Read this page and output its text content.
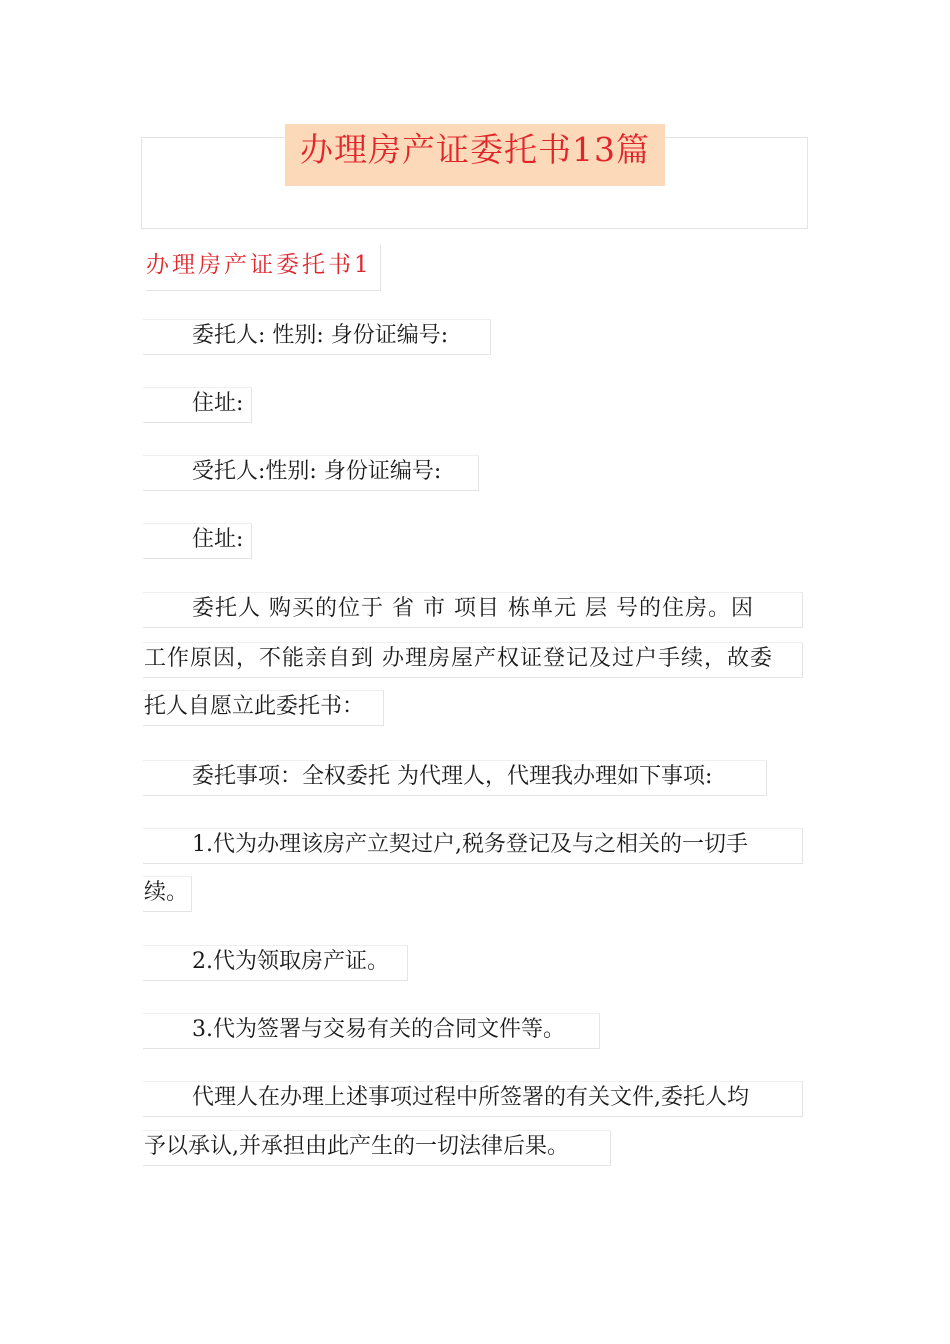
办理房产证委托书13篇
办理房产证委托书1
委托人: 性别: 身份证编号:
住址:
受托人:性别: 身份证编号:
住址:
委托人 购买的位于 省 市 项目 栋单元 层 号的住房。因
工作原因，不能亲自到 办理房屋产权证登记及过户手续，故委
托人自愿立此委托书：
委托事项：全权委托 为代理人，代理我办理如下事项:
1.代为办理该房产立契过户,税务登记及与之相关的一切手
续。
2.代为领取房产证。
3.代为签署与交易有关的合同文件等。
代理人在办理上述事项过程中所签署的有关文件,委托人均
予以承认,并承担由此产生的一切法律后果。
